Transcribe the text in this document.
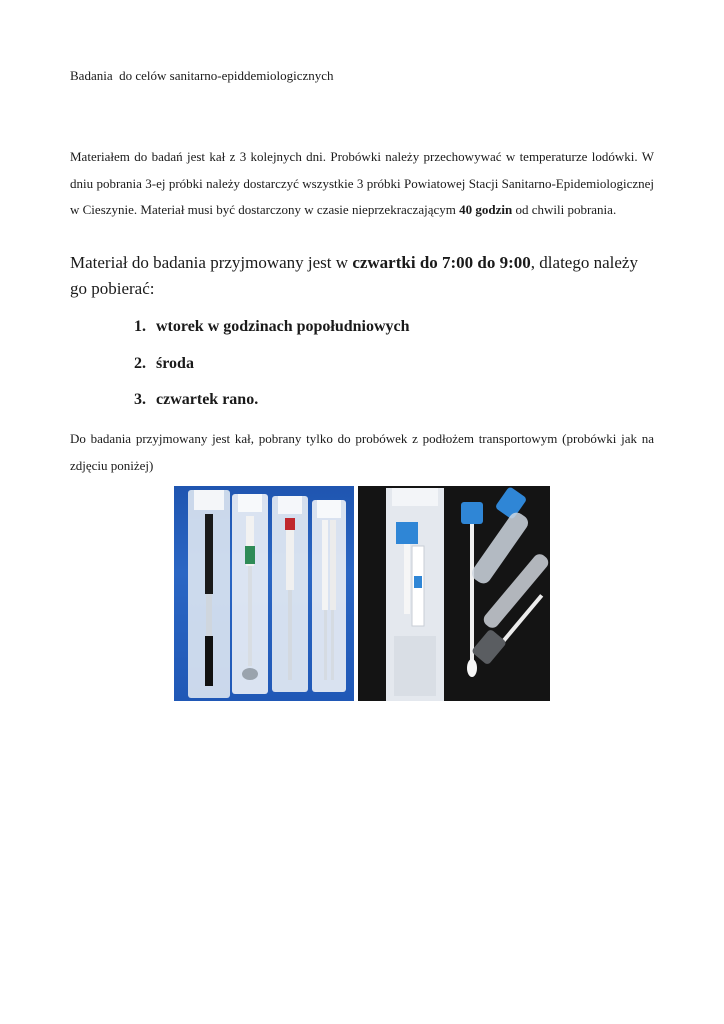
Badania  do celów sanitarno-epiddemiologicznych
Materiałem do badań jest kał z 3 kolejnych dni. Probówki należy przechowywać w temperaturze lodówki. W dniu pobrania 3-ej próbki należy dostarczyć wszystkie 3 próbki Powiatowej Stacji Sanitarno-Epidemiologicznej w Cieszynie. Materiał musi być dostarczony w czasie nieprzekraczającym 40 godzin od chwili pobrania.
Materiał do badania przyjmowany jest w czwartki do 7:00 do 9:00, dlatego należy go pobierać:
1. wtorek w godzinach popołudniowych
2. środa
3. czwartek rano.
Do badania przyjmowany jest kał, pobrany tylko do probówek z podłożem transportowym (probówki jak na zdjęciu poniżej)
